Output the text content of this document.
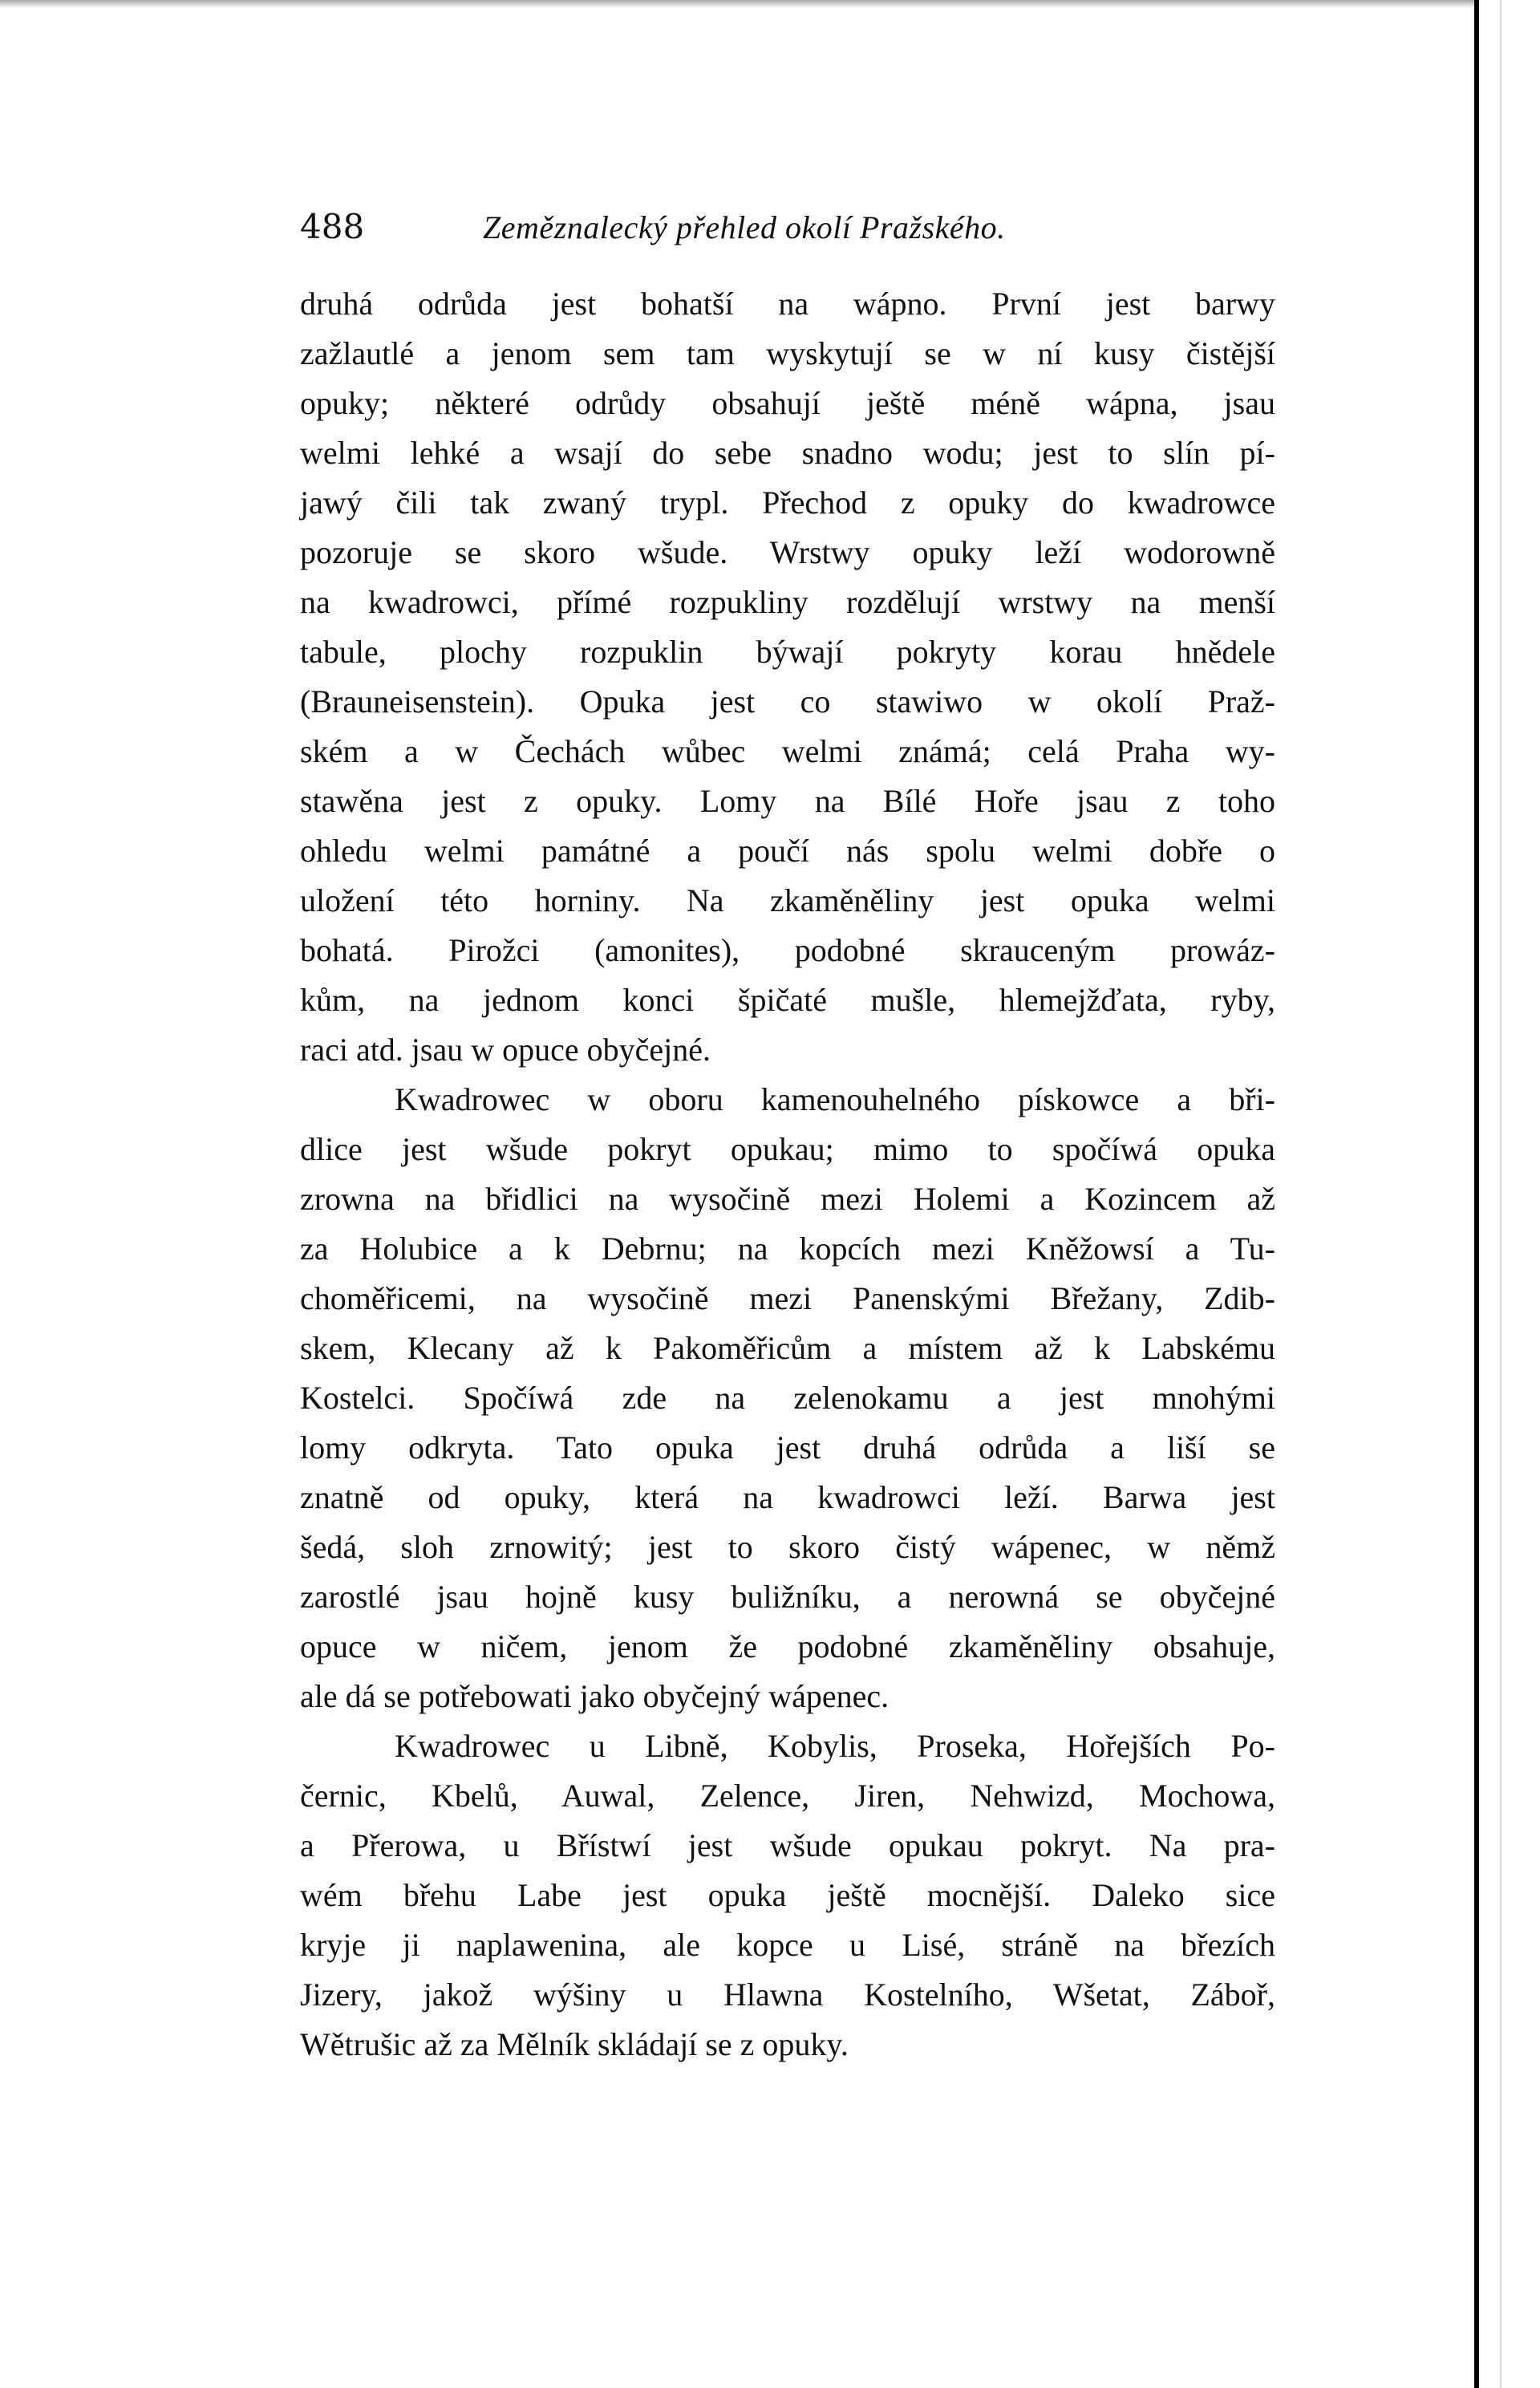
488	Zeměznalecký přehled okolí Pražského.
druhá odrůda jest bohatší na wápno. První jest barwy
zažlautlé a jenom sem tam wyskytují se w ní kusy čistější
opuky; některé odrůdy obsahují ještě méně wápna, jsau
welmi lehké a wsají do sebe snadno wodu; jest to slín pí-
jawý čili tak zwaný trypl. Přechod z opuky do kwadrowce
pozoruje se skoro wšude. Wrstwy opuky leží wodorowně
na kwadrowci, přímé rozpukliny rozdělují wrstwy na menší
tabule, plochy rozpuklin býwají pokryty korau hnědele
(Brauneisenstein). Opuka jest co stawiwo w okolí Praž-
ském a w Čechách wůbec welmi známá; celá Praha wy-
stawěna jest z opuky. Lomy na Bílé Hoře jsau z toho
ohledu welmi památné a poučí nás spolu welmi dobře o
uložení této horniny. Na zkaměněliny jest opuka welmi
bohatá. Pirožci (amonites), podobné skrauceným prowáz-
kům, na jednom konci špičaté mušle, hlemejžďata, ryby,
raci atd. jsau w opuce obyčejné.
Kwadrowec w oboru kamenouhelného pískowce a bři-
dlice jest wšude pokryt opukau; mimo to spočíwá opuka
zrowna na břidlici na wysočině mezi Holemi a Kozincem až
za Holubice a k Debrnu; na kopcích mezi Kněžowsí a Tu-
choměřicemi, na wysočině mezi Panenskými Břežany, Zdib-
skem, Klecany až k Pakoměřicům a místem až k Labskému
Kostelci. Spočíwá zde na zelenokamu a jest mnohými
lomy odkryta. Tato opuka jest druhá odrůda a liší se
znatně od opuky, která na kwadrowci leží. Barwa jest
šedá, sloh zrnowitý; jest to skoro čistý wápenec, w němž
zarostlé jsau hojně kusy buližníku, a nerowná se obyčejné
opuce w ničem, jenom že podobné zkaměněliny obsahuje,
ale dá se potřebowati jako obyčejný wápenec.
Kwadrowec u Libně, Kobylis, Proseka, Hořejších Po-
černic, Kbelů, Auwal, Zelence, Jiren, Nehwizd, Mochowa,
a Přerowa, u Břístwí jest wšude opukau pokryt. Na pra-
wém břehu Labe jest opuka ještě mocnější. Daleko sice
kryje ji naplawenina, ale kopce u Lisé, stráně na březích
Jizery, jakož wýšiny u Hlawna Kostelního, Wšetat, Záboř,
Wětrušic až za Mělník skládají se z opuky.
